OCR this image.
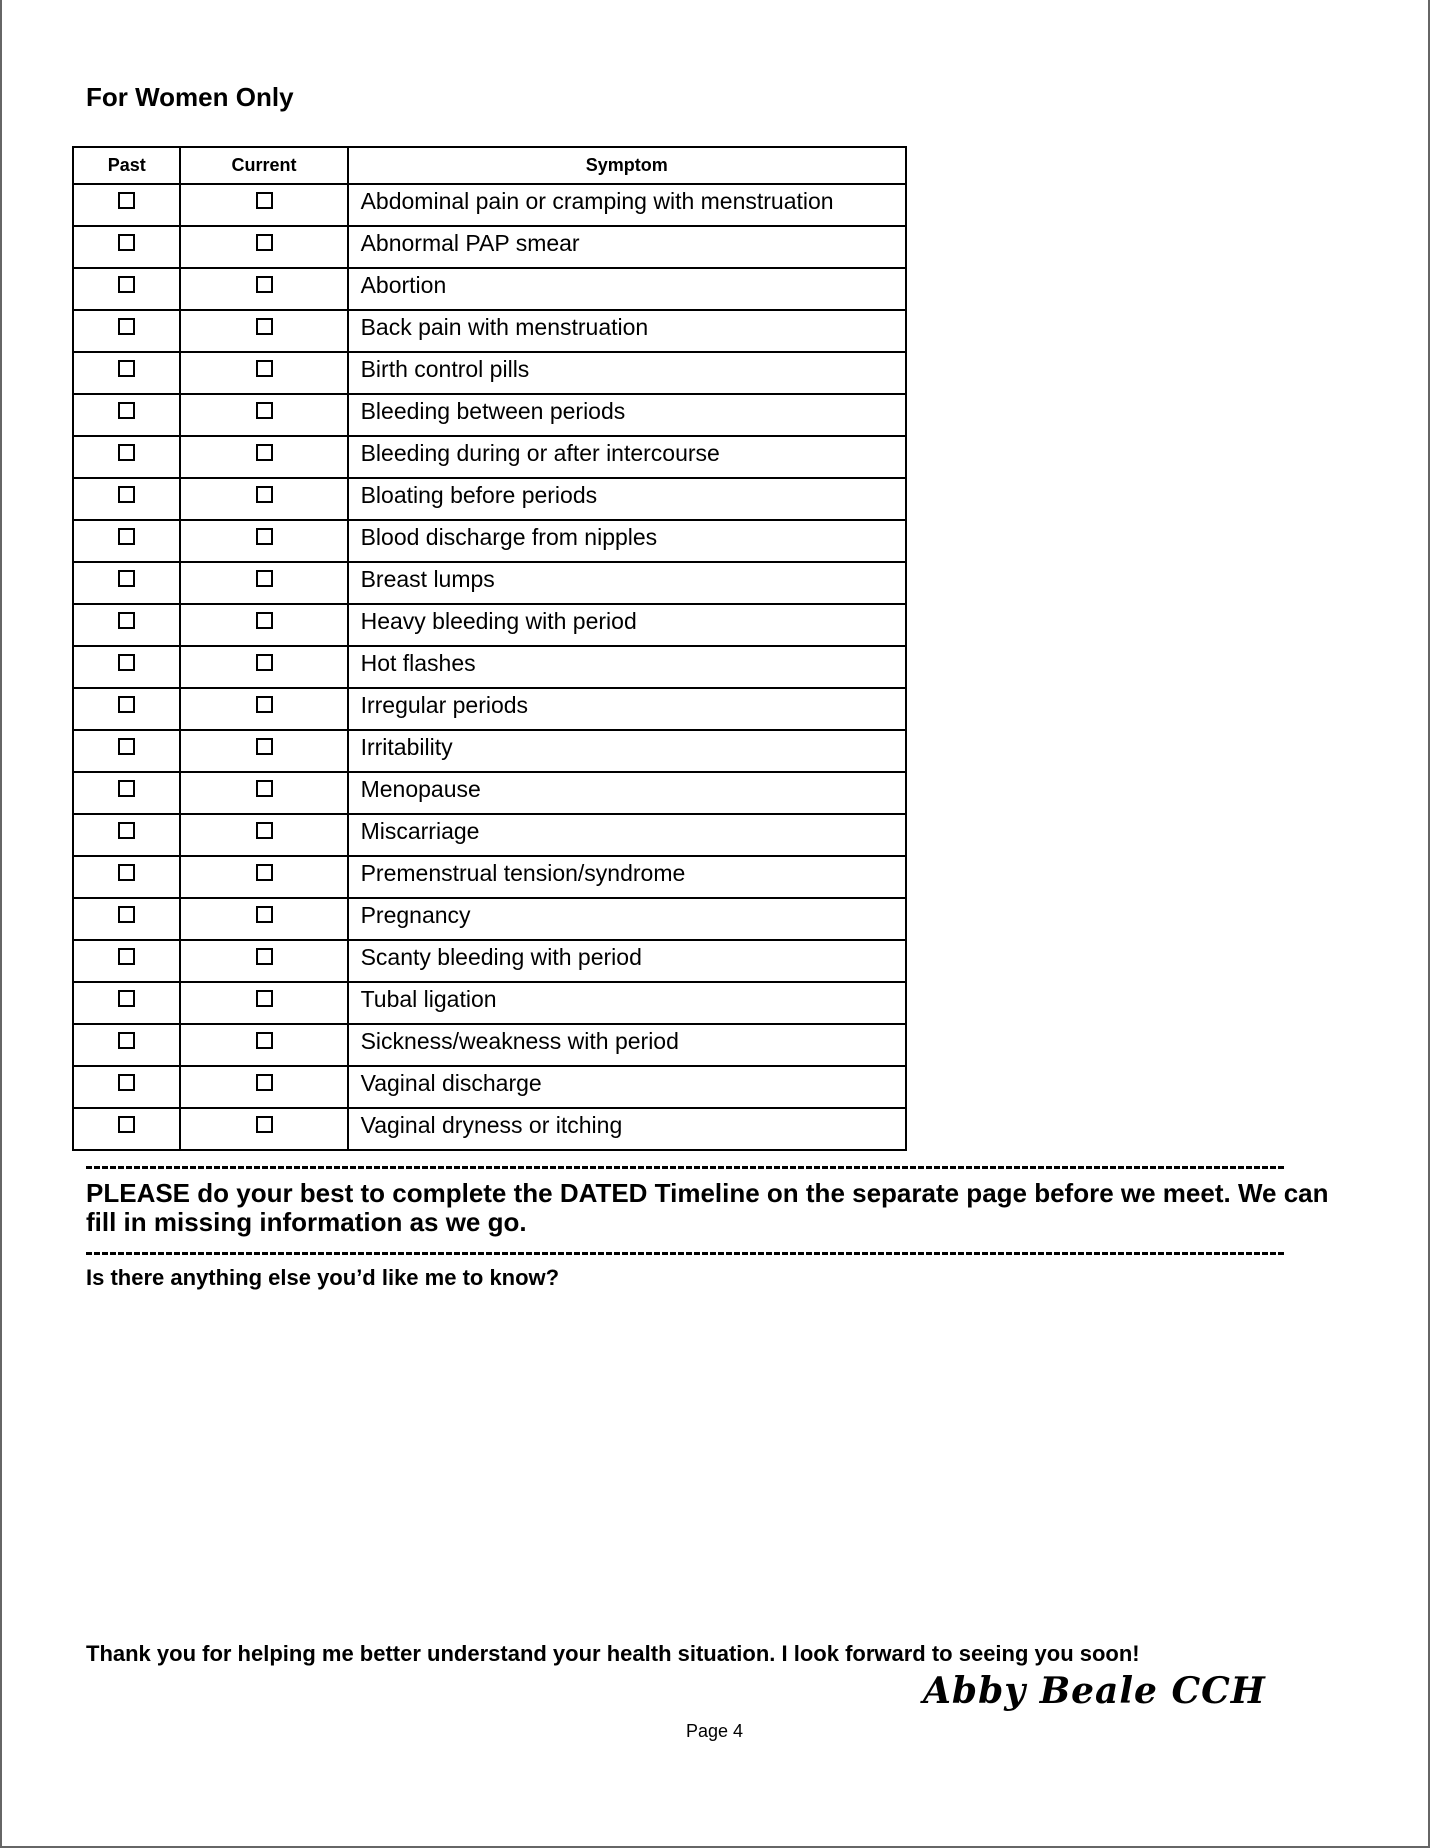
For Women Only
Past	Current	Symptom
		Abdominal pain or cramping with menstruation
		Abnormal PAP smear
		Abortion
		Back pain with menstruation
		Birth control pills
		Bleeding between periods
		Bleeding during or after intercourse
		Bloating before periods
		Blood discharge from nipples
		Breast lumps
		Heavy bleeding with period
		Hot flashes
		Irregular periods
		Irritability
		Menopause
		Miscarriage
		Premenstrual tension/syndrome
		Pregnancy
		Scanty bleeding with period
		Tubal ligation
		Sickness/weakness with period
		Vaginal discharge
		Vaginal dryness or itching
PLEASE do your best to complete the DATED Timeline on the separate page before we meet. We can fill in missing information as we go.
Is there anything else you’d like me to know?
Thank you for helping me better understand your health situation. I look forward to seeing you soon!
Abby Beale CCH
Page 4
